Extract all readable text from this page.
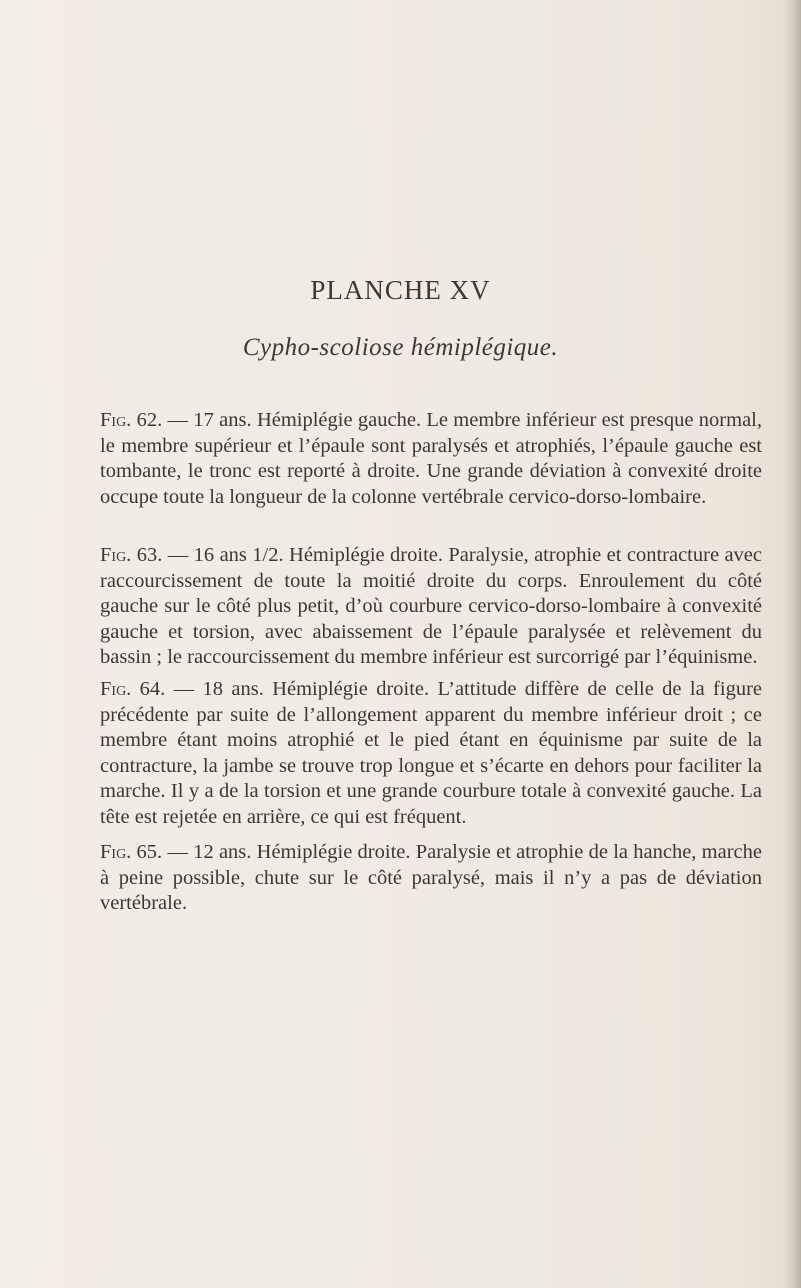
PLANCHE XV
Cypho-scoliose hémiplégique.

Fig. 62. — 17 ans. Hémiplégie gauche. Le membre inférieur est presque normal, le membre supérieur et l’épaule sont paralysés et atrophiés, l’épaule gauche est tombante, le tronc est reporté à droite. Une grande déviation à convexité droite occupe toute la longueur de la colonne vertébrale cervico-dorso-lombaire.

Fig. 63. — 16 ans 1/2. Hémiplégie droite. Paralysie, atrophie et contracture avec raccourcissement de toute la moitié droite du corps. Enroulement du côté gauche sur le côté plus petit, d’où courbure cervico-dorso-lombaire à convexité gauche et torsion, avec abaissement de l’épaule paralysée et relèvement du bassin ; le raccourcissement du membre inférieur est surcorrigé par l’équinisme.

Fig. 64. — 18 ans. Hémiplégie droite. L’attitude diffère de celle de la figure précédente par suite de l’allongement apparent du membre inférieur droit ; ce membre étant moins atrophié et le pied étant en équinisme par suite de la contracture, la jambe se trouve trop longue et s’écarte en dehors pour faciliter la marche. Il y a de la torsion et une grande courbure totale à convexité gauche. La tête est rejetée en arrière, ce qui est fréquent.

Fig. 65. — 12 ans. Hémiplégie droite. Paralysie et atrophie de la hanche, marche à peine possible, chute sur le côté paralysé, mais il n’y a pas de déviation vertébrale.
